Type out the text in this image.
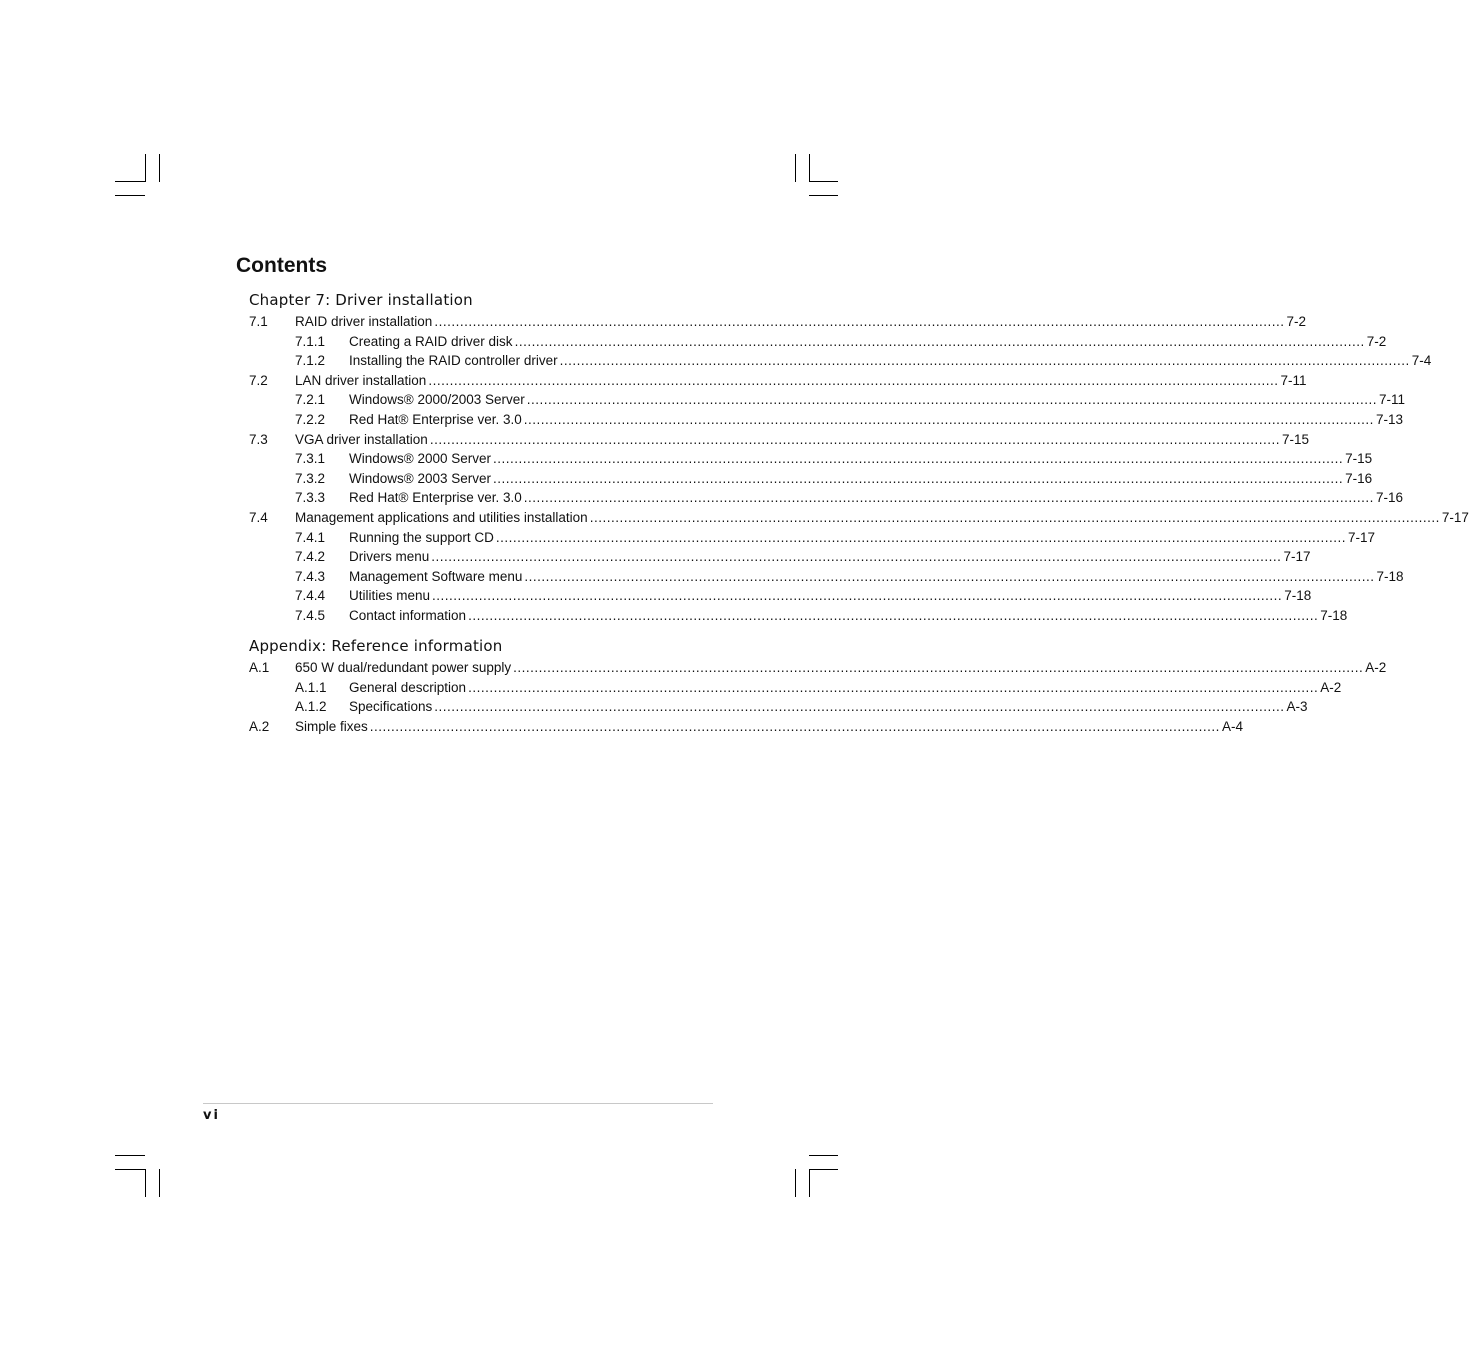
Contents
Chapter 7: Driver installation
7.1 RAID driver installation ........................................................................................................................................................................................................ 7-2
7.1.1 Creating a RAID driver disk ........................................................................................................................................................................................................ 7-2
7.1.2 Installing the RAID controller driver ........................................................................................................................................................................................................ 7-4
7.2 LAN driver installation ........................................................................................................................................................................................................ 7-11
7.2.1 Windows® 2000/2003 Server ........................................................................................................................................................................................................ 7-11
7.2.2 Red Hat® Enterprise ver. 3.0 ........................................................................................................................................................................................................ 7-13
7.3 VGA driver installation ........................................................................................................................................................................................................ 7-15
7.3.1 Windows® 2000 Server ........................................................................................................................................................................................................ 7-15
7.3.2 Windows® 2003 Server ........................................................................................................................................................................................................ 7-16
7.3.3 Red Hat® Enterprise ver. 3.0 ........................................................................................................................................................................................................ 7-16
7.4 Management applications and utilities installation ........................................................................................................................................................................................................ 7-17
7.4.1 Running the support CD ........................................................................................................................................................................................................ 7-17
7.4.2 Drivers menu ........................................................................................................................................................................................................ 7-17
7.4.3 Management Software menu ........................................................................................................................................................................................................ 7-18
7.4.4 Utilities menu ........................................................................................................................................................................................................ 7-18
7.4.5 Contact information ........................................................................................................................................................................................................ 7-18
Appendix: Reference information
A.1 650 W dual/redundant power supply ........................................................................................................................................................................................................ A-2
A.1.1 General description ........................................................................................................................................................................................................ A-2
A.1.2 Specifications ........................................................................................................................................................................................................ A-3
A.2 Simple fixes ........................................................................................................................................................................................................ A-4
vi
